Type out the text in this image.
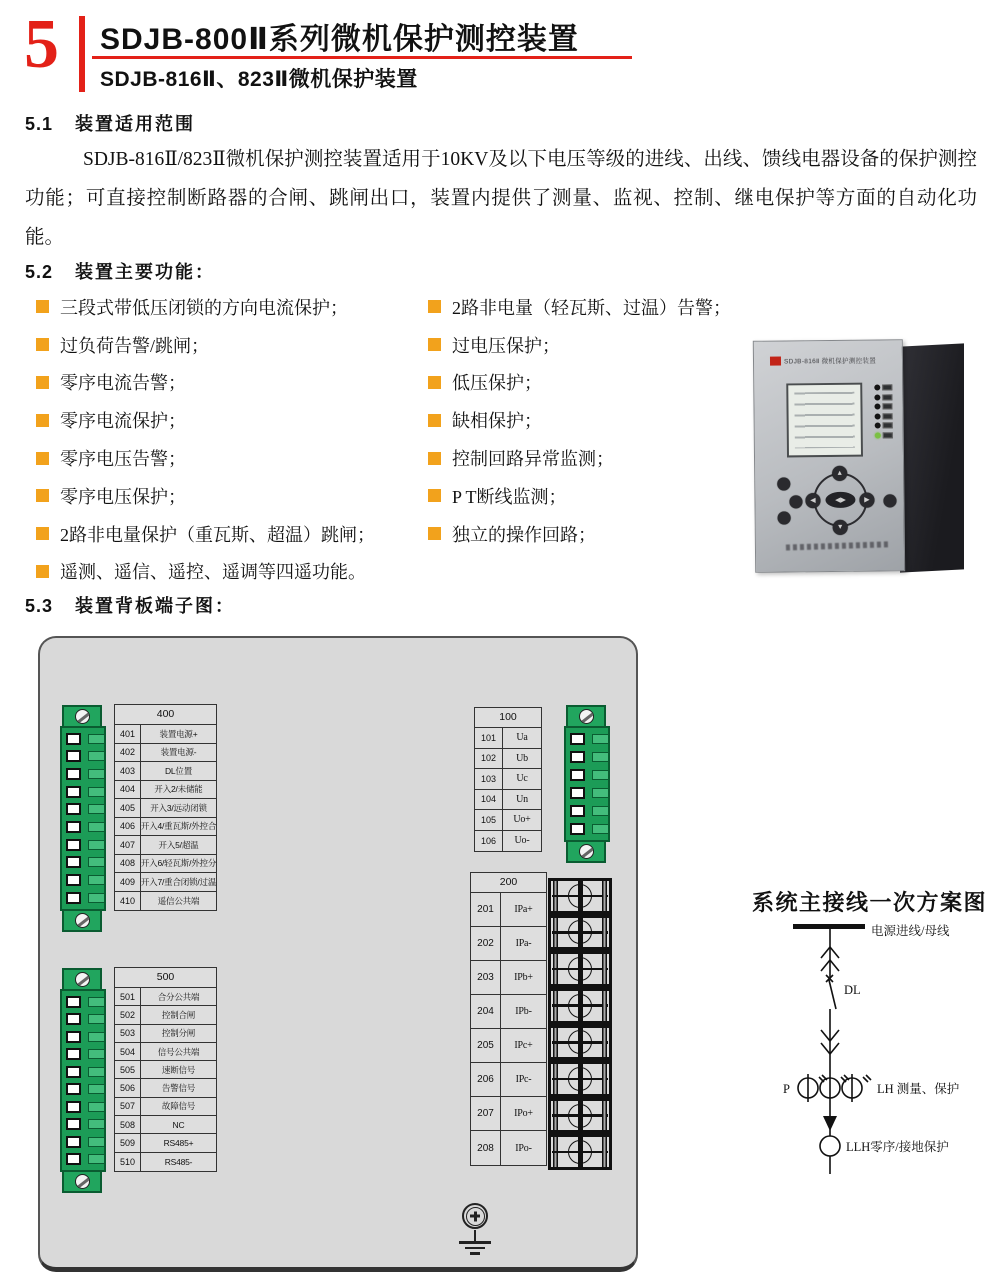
5 SDJB-800Ⅱ系列微机保护测控装置
SDJB-816Ⅱ、823Ⅱ微机保护装置
5.1 装置适用范围

SDJB-816Ⅱ/823Ⅱ微机保护测控装置适用于10KV及以下电压等级的进线、出线、馈线电器设备的保护测控功能；可直接控制断路器的合闸、跳闸出口，装置内提供了测量、监视、控制、继电保护等方面的自动化功能。

5.2 装置主要功能：
三段式带低压闭锁的方向电流保护；
过负荷告警/跳闸；
零序电流告警；
零序电流保护；
零序电压告警；
零序电压保护；
2路非电量保护（重瓦斯、超温）跳闸；
遥测、遥信、遥控、遥调等四遥功能。
2路非电量（轻瓦斯、过温）告警；
过电压保护；
低压保护；
缺相保护；
控制回路异常监测；
P T断线监测；
独立的操作回路；
SDJB-816Ⅱ 微机保护测控装置
▲
▼
◀	▶
◀▶
5.3 装置背板端子图：
400
401	装置电源+
402	装置电源-
403	DL位置
404	开入2/未储能
405	开入3/远动闭锁
406 开入4/重瓦斯/外控合
407	开入5/超温
408 开入6/轻瓦斯/外控分
409 开入7/重合闭锁/过温
410	遥信公共端
100
101	Ua
102	Ub
103	Uc
104	Un
105	Uo+
106	Uo-
200
201	IPa+
202	IPa-
203	IPb+
204	IPb-
205	IPc+
206	IPc-
207	IPo+
208	IPo-
500
501	合分公共端
502	控制合闸
503	控制分闸
504	信号公共端
505	速断信号
506	告警信号
507	故障信号
508	NC
509	RS485+
510	RS485-
系统主接线一次方案图
电源进线/母线
DL
P	LH 测量、保护
LLH零序/接地保护
